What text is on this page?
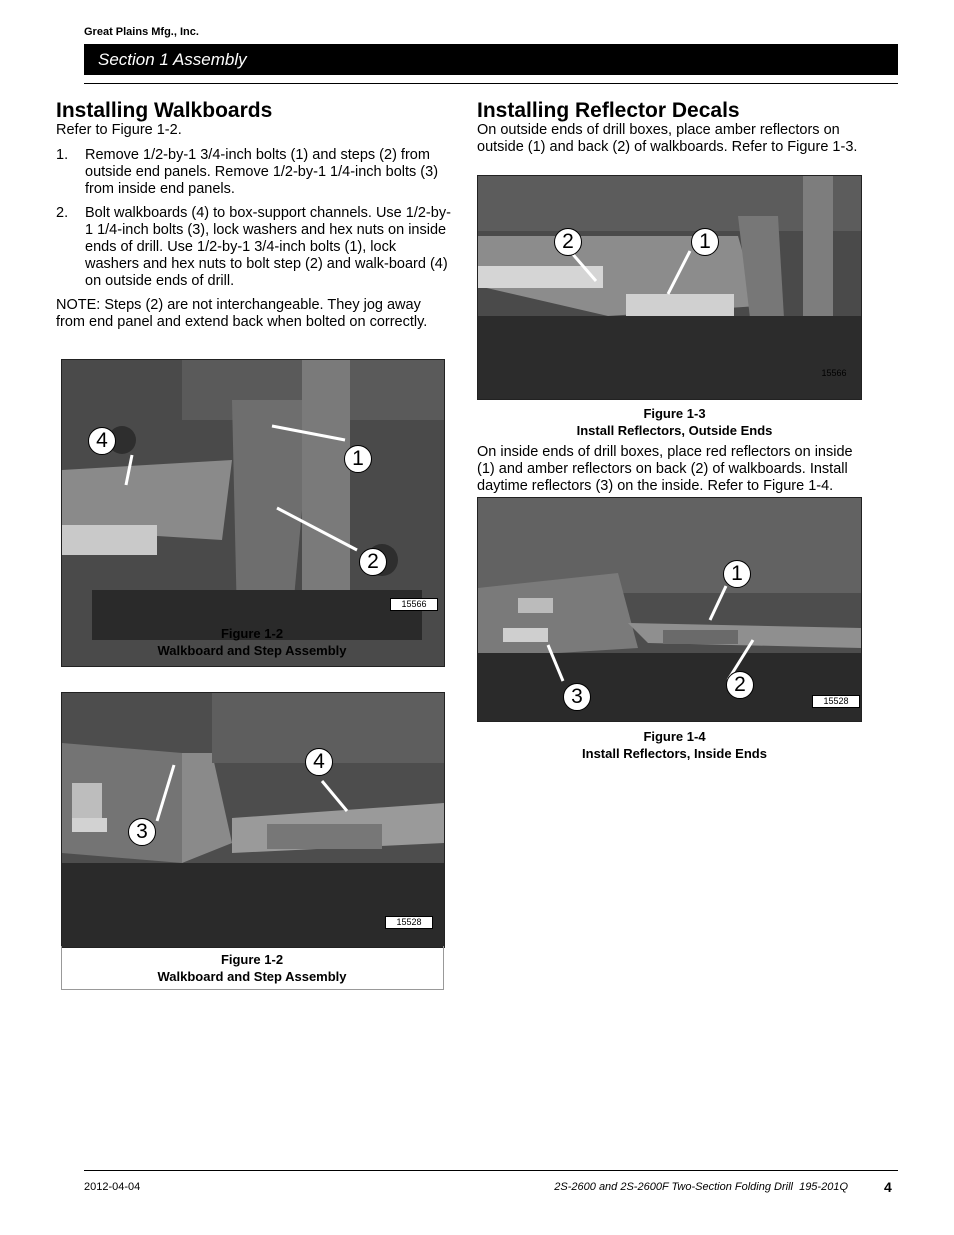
Great Plains Mfg., Inc.
Section 1 Assembly
Installing Walkboards
Refer to Figure 1-2.
1. Remove 1/2-by-1 3/4-inch bolts (1) and steps (2) from outside end panels. Remove 1/2-by-1 1/4-inch bolts (3) from inside end panels.
2. Bolt walkboards (4) to box-support channels. Use 1/2-by-1 1/4-inch bolts (3), lock washers and hex nuts on inside ends of drill. Use 1/2-by-1 3/4-inch bolts (1), lock washers and hex nuts to bolt step (2) and walk-board (4) on outside ends of drill.
NOTE: Steps (2) are not interchangeable. They jog away from end panel and extend back when bolted on correctly.
4
1
2
15566
Figure 1-2
Walkboard and Step Assembly
4
3
15528
Figure 1-2
Walkboard and Step Assembly
Installing Reflector Decals
On outside ends of drill boxes, place amber reflectors on outside (1) and back (2) of walkboards. Refer to Figure 1-3.
2	1
15566
Figure 1-3
Install Reflectors, Outside Ends
On inside ends of drill boxes, place red reflectors on inside (1) and amber reflectors on back (2) of walkboards. Install daytime reflectors (3) on the inside. Refer to Figure 1-4.
1
3
2
15528
Figure 1-4
Install Reflectors, Inside Ends
2012-04-04	2S-2600 and 2S-2600F Two-Section Folding Drill  195-201Q	4
